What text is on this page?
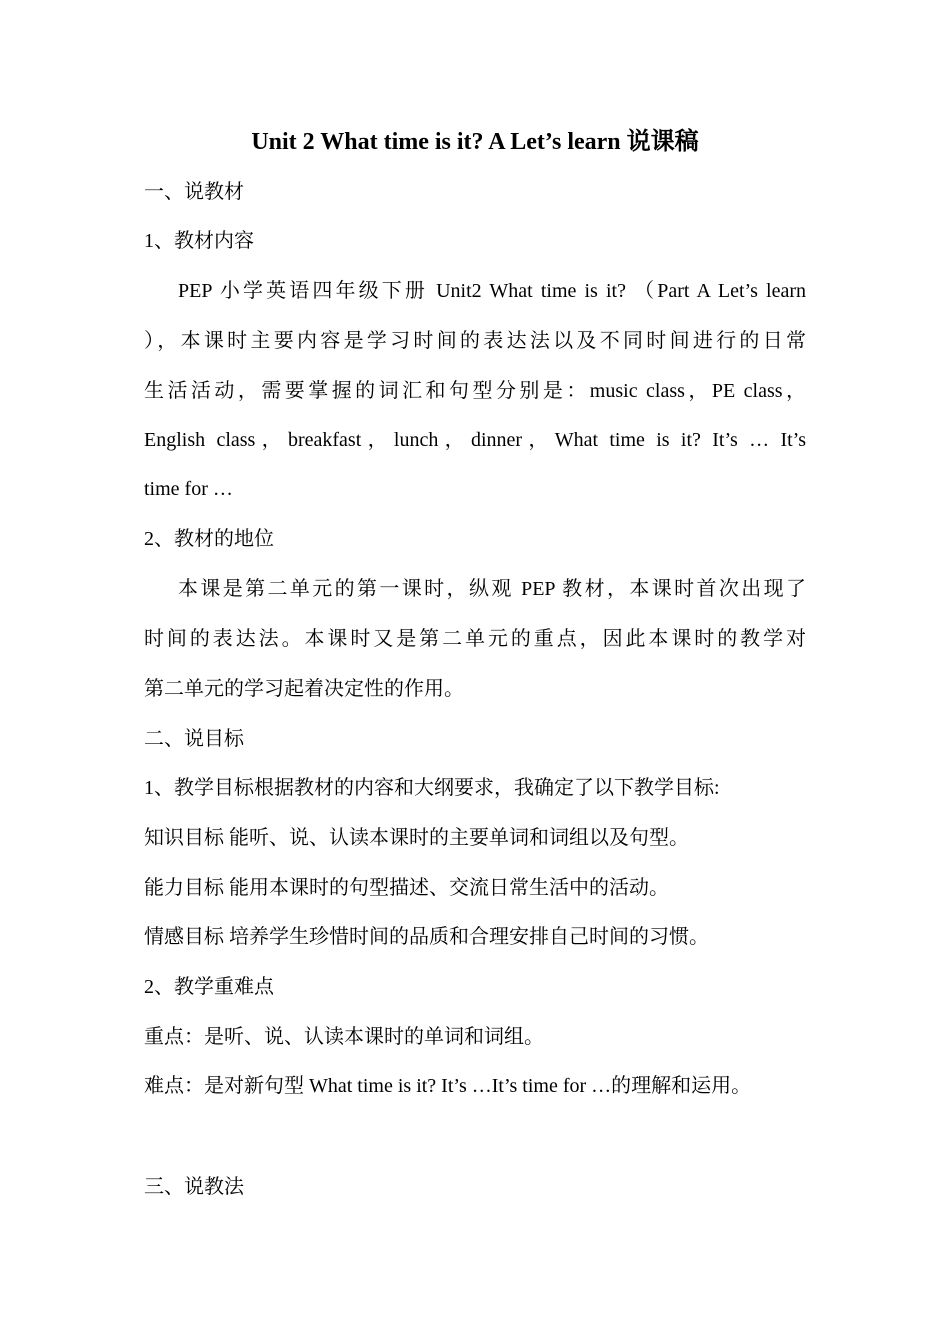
Unit 2 What time is it? A Let’s learn 说课稿
一、说教材
1、教材内容
PEP 小学英语四年级下册 Unit2 What time is it? （Part A Let’s learn
），本课时主要内容是学习时间的表达法以及不同时间进行的日常
生活活动，需要掌握的词汇和句型分别是：music class，PE class，
English class，breakfast，lunch，dinner，What time is it? It’s … It’s
time for …
2、教材的地位
本课是第二单元的第一课时，纵观 PEP 教材，本课时首次出现了
时间的表达法。本课时又是第二单元的重点，因此本课时的教学对
第二单元的学习起着决定性的作用。
二、说目标
1、教学目标根据教材的内容和大纲要求，我确定了以下教学目标:
知识目标 能听、说、认读本课时的主要单词和词组以及句型。
能力目标 能用本课时的句型描述、交流日常生活中的活动。
情感目标 培养学生珍惜时间的品质和合理安排自己时间的习惯。
2、教学重难点
重点：是听、说、认读本课时的单词和词组。
难点：是对新句型 What time is it? It’s …It’s time for …的理解和运用。
三、说教法
